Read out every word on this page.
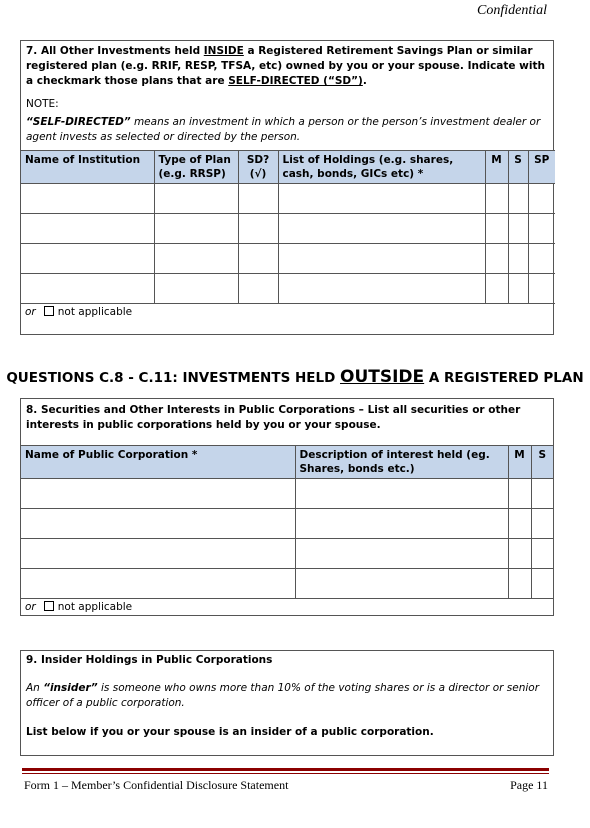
Confidential
7. All Other Investments held INSIDE a Registered Retirement Savings Plan or similar registered plan (e.g. RRIF, RESP, TFSA, etc) owned by you or your spouse. Indicate with a checkmark those plans that are SELF-DIRECTED (“SD”).
NOTE:
“SELF-DIRECTED” means an investment in which a person or the person’s investment dealer or agent invests as selected or directed by the person.
Name of Institution	Type of Plan (e.g. RRSP)	SD? (√)	List of Holdings (e.g. shares, cash, bonds, GICs etc) *	M	S	SP

or not applicable
QUESTIONS C.8 - C.11: INVESTMENTS HELD OUTSIDE A REGISTERED PLAN
8. Securities and Other Interests in Public Corporations – List all securities or other interests in public corporations held by you or your spouse.
Name of Public Corporation *	Description of interest held (eg. Shares, bonds etc.)	M	S

or not applicable
9. Insider Holdings in Public Corporations
An “insider” is someone who owns more than 10% of the voting shares or is a director or senior officer of a public corporation.
List below if you or your spouse is an insider of a public corporation.
Form 1 – Member’s Confidential Disclosure Statement	Page 11
